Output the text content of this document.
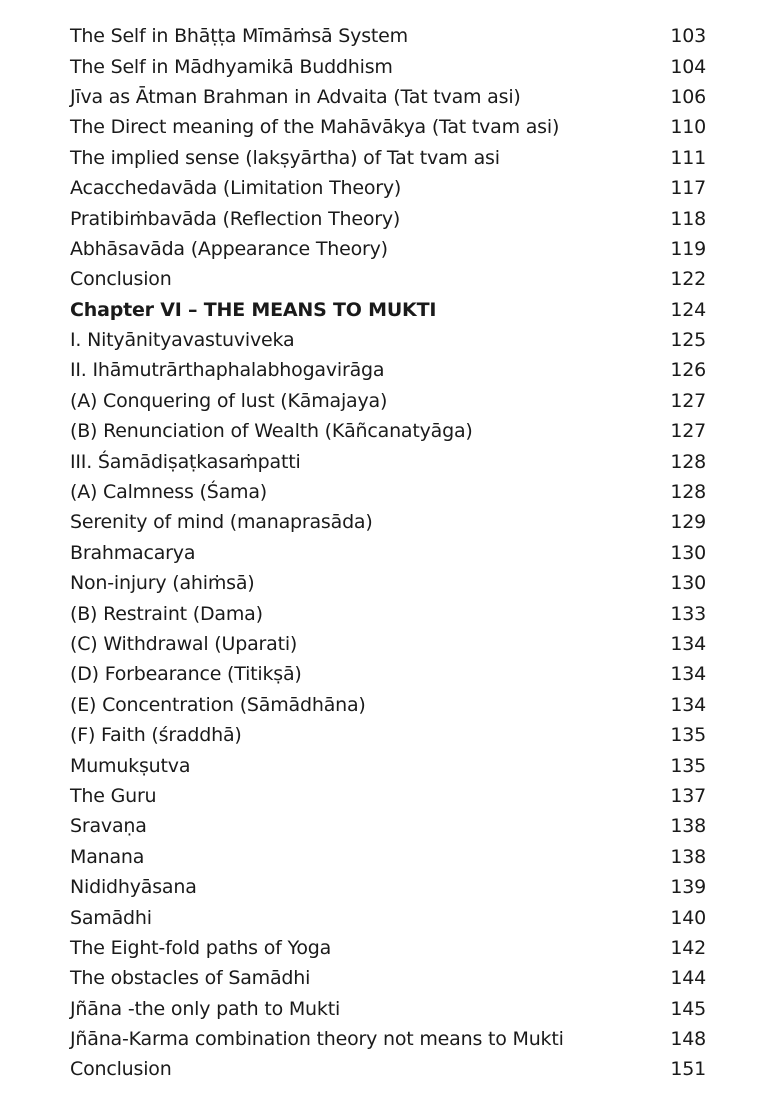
The Self in Bhāṭṭa Mīmāṁsā System	103
The Self in Mādhyamikā Buddhism	104
Jīva as Ātman Brahman in Advaita (Tat tvam asi)	106
The Direct meaning of the Mahāvākya (Tat tvam asi)	110
The implied sense (lakṣyārtha) of Tat tvam asi	111
Acacchedavāda (Limitation Theory)	117
Pratibiṁbavāda (Reflection Theory)	118
Abhāsavāda (Appearance Theory)	119
Conclusion	122
Chapter VI – THE MEANS TO MUKTI	124
I. Nityānityavastuviveka	125
II. Ihāmutrārthaphalabhogavirāga	126
(A) Conquering of lust (Kāmajaya)	127
(B) Renunciation of Wealth (Kāñcanatyāga)	127
III. Śamādiṣaṭkasaṁpatti	128
(A) Calmness (Śama)	128
Serenity of mind (manaprasāda)	129
Brahmacarya	130
Non-injury (ahiṁsā)	130
(B) Restraint (Dama)	133
(C) Withdrawal (Uparati)	134
(D) Forbearance (Titikṣā)	134
(E) Concentration (Sāmādhāna)	134
(F) Faith (śraddhā)	135
Mumukṣutva	135
The Guru	137
Sravaṇa	138
Manana	138
Nididhyāsana	139
Samādhi	140
The Eight-fold paths of Yoga	142
The obstacles of Samādhi	144
Jñāna -the only path to Mukti	145
Jñāna-Karma combination theory not means to Mukti	148
Conclusion	151
